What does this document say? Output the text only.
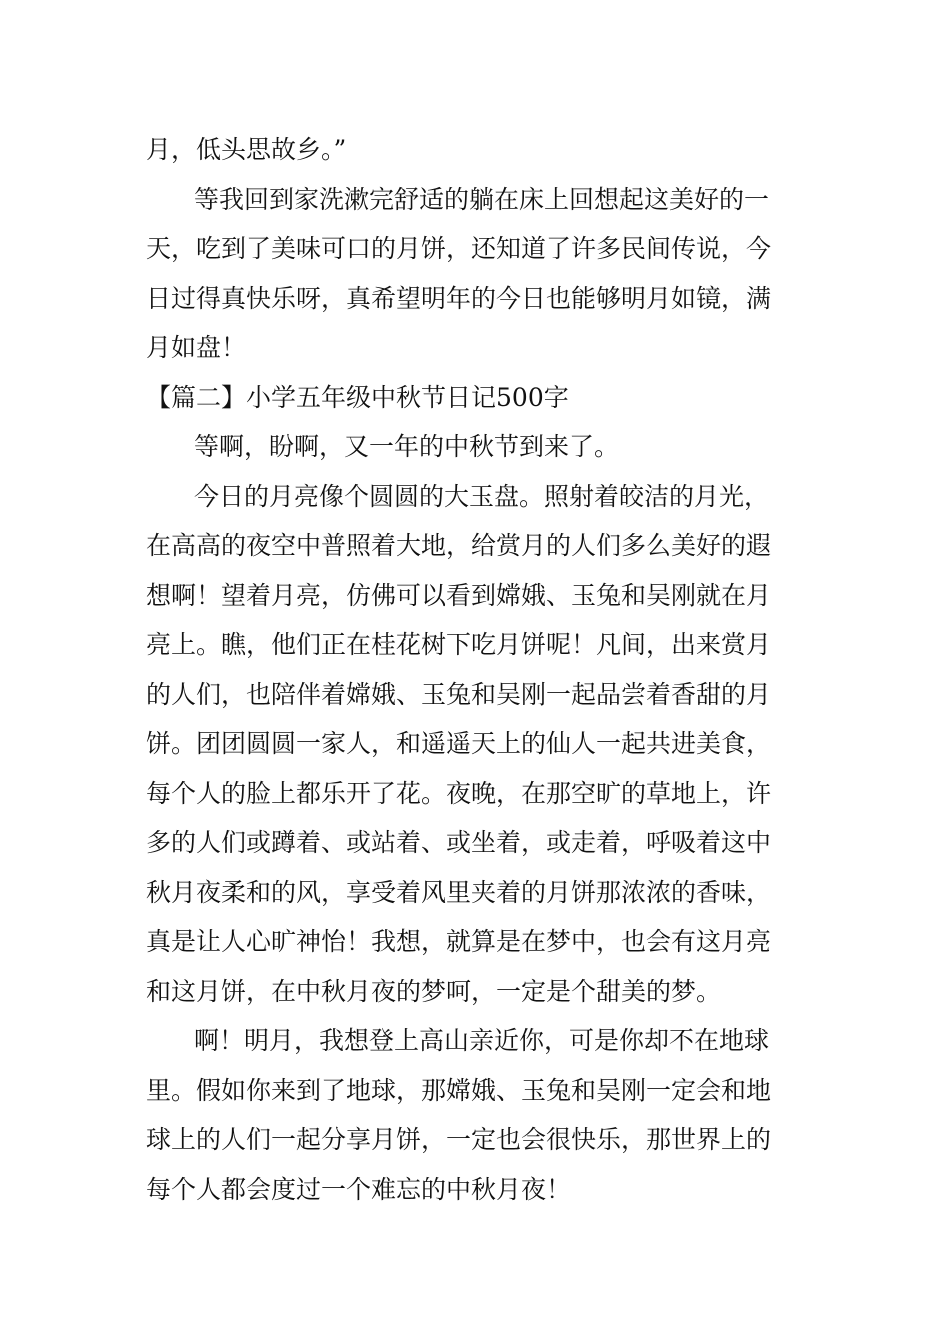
月，低头思故乡。”
等我回到家洗漱完舒适的躺在床上回想起这美好的一
天，吃到了美味可口的月饼，还知道了许多民间传说，今
日过得真快乐呀，真希望明年的今日也能够明月如镜，满
月如盘！
【篇二】小学五年级中秋节日记500字
等啊，盼啊，又一年的中秋节到来了。
今日的月亮像个圆圆的大玉盘。照射着皎洁的月光，
在高高的夜空中普照着大地，给赏月的人们多么美好的遐
想啊！望着月亮，仿佛可以看到嫦娥、玉兔和吴刚就在月
亮上。瞧，他们正在桂花树下吃月饼呢！凡间，出来赏月
的人们，也陪伴着嫦娥、玉兔和吴刚一起品尝着香甜的月
饼。团团圆圆一家人，和遥遥天上的仙人一起共进美食，
每个人的脸上都乐开了花。夜晚，在那空旷的草地上，许
多的人们或蹲着、或站着、或坐着，或走着，呼吸着这中
秋月夜柔和的风，享受着风里夹着的月饼那浓浓的香味，
真是让人心旷神怡！我想，就算是在梦中，也会有这月亮
和这月饼，在中秋月夜的梦呵，一定是个甜美的梦。
啊！明月，我想登上高山亲近你，可是你却不在地球
里。假如你来到了地球，那嫦娥、玉兔和吴刚一定会和地
球上的人们一起分享月饼，一定也会很快乐，那世界上的
每个人都会度过一个难忘的中秋月夜！
